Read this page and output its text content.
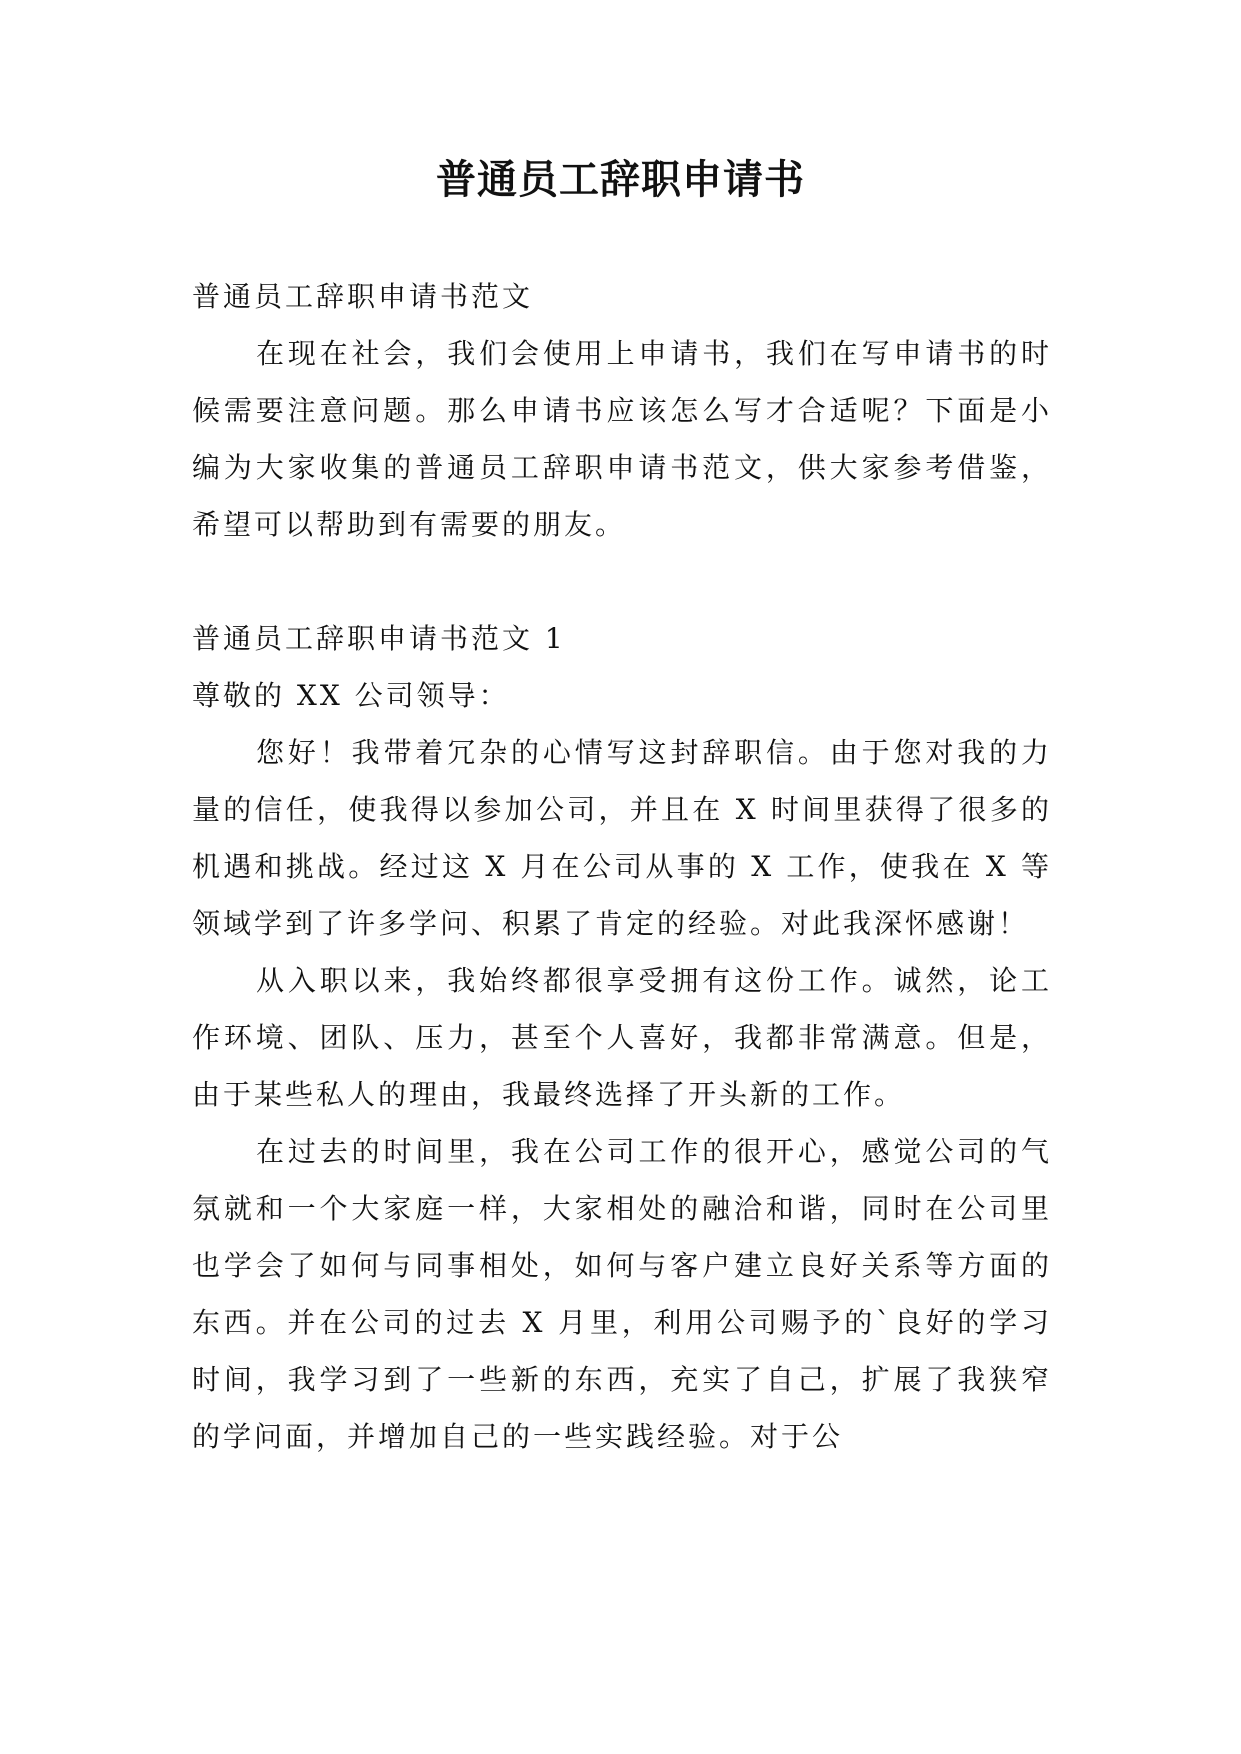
普通员工辞职申请书

普通员工辞职申请书范文

在现在社会，我们会使用上申请书，我们在写申请书的时候需要注意问题。那么申请书应该怎么写才合适呢？下面是小编为大家收集的普通员工辞职申请书范文，供大家参考借鉴，希望可以帮助到有需要的朋友。

普通员工辞职申请书范文 1

尊敬的 XX 公司领导：

您好！我带着冗杂的心情写这封辞职信。由于您对我的力量的信任，使我得以参加公司，并且在 X 时间里获得了很多的机遇和挑战。经过这 X 月在公司从事的 X 工作，使我在 X 等领域学到了许多学问、积累了肯定的经验。对此我深怀感谢！

从入职以来，我始终都很享受拥有这份工作。诚然，论工作环境、团队、压力，甚至个人喜好，我都非常满意。但是，由于某些私人的理由，我最终选择了开头新的工作。

在过去的时间里，我在公司工作的很开心，感觉公司的气氛就和一个大家庭一样，大家相处的融洽和谐，同时在公司里也学会了如何与同事相处，如何与客户建立良好关系等方面的东西。并在公司的过去 X 月里，利用公司赐予的`良好的学习时间，我学习到了一些新的东西，充实了自己，扩展了我狭窄的学问面，并增加自己的一些实践经验。对于公
